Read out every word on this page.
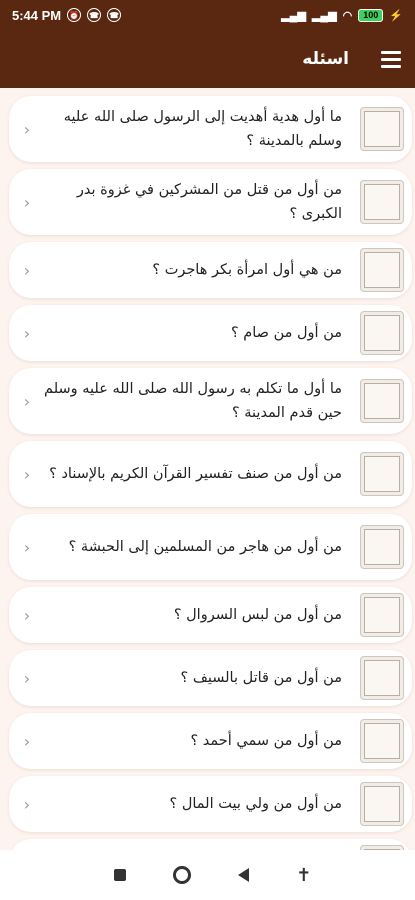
5:44 PM ⏰ ☎ ☎	▂▄▆ ▂▄▆ ◠	100	⚡
اسئله
ما أول هدية أهديت إلى الرسول صلى الله عليه وسلم بالمدينة ؟
‹
من أول من قتل من المشركين في غزوة بدر الكبرى ؟
‹
من هي أول امرأة بكر هاجرت ؟
‹
من أول من صام ؟
‹
ما أول ما تكلم به رسول الله صلى الله عليه وسلم حين قدم المدينة ؟
‹
من أول من صنف تفسير القرآن الكريم بالإسناد ؟
‹
من أول من هاجر من المسلمين إلى الحبشة ؟
‹
من أول من لبس السروال ؟
‹
من أول من قاتل بالسيف ؟
‹
من أول من سمي أحمد ؟
‹
من أول من ولي بيت المال ؟
‹
✝
